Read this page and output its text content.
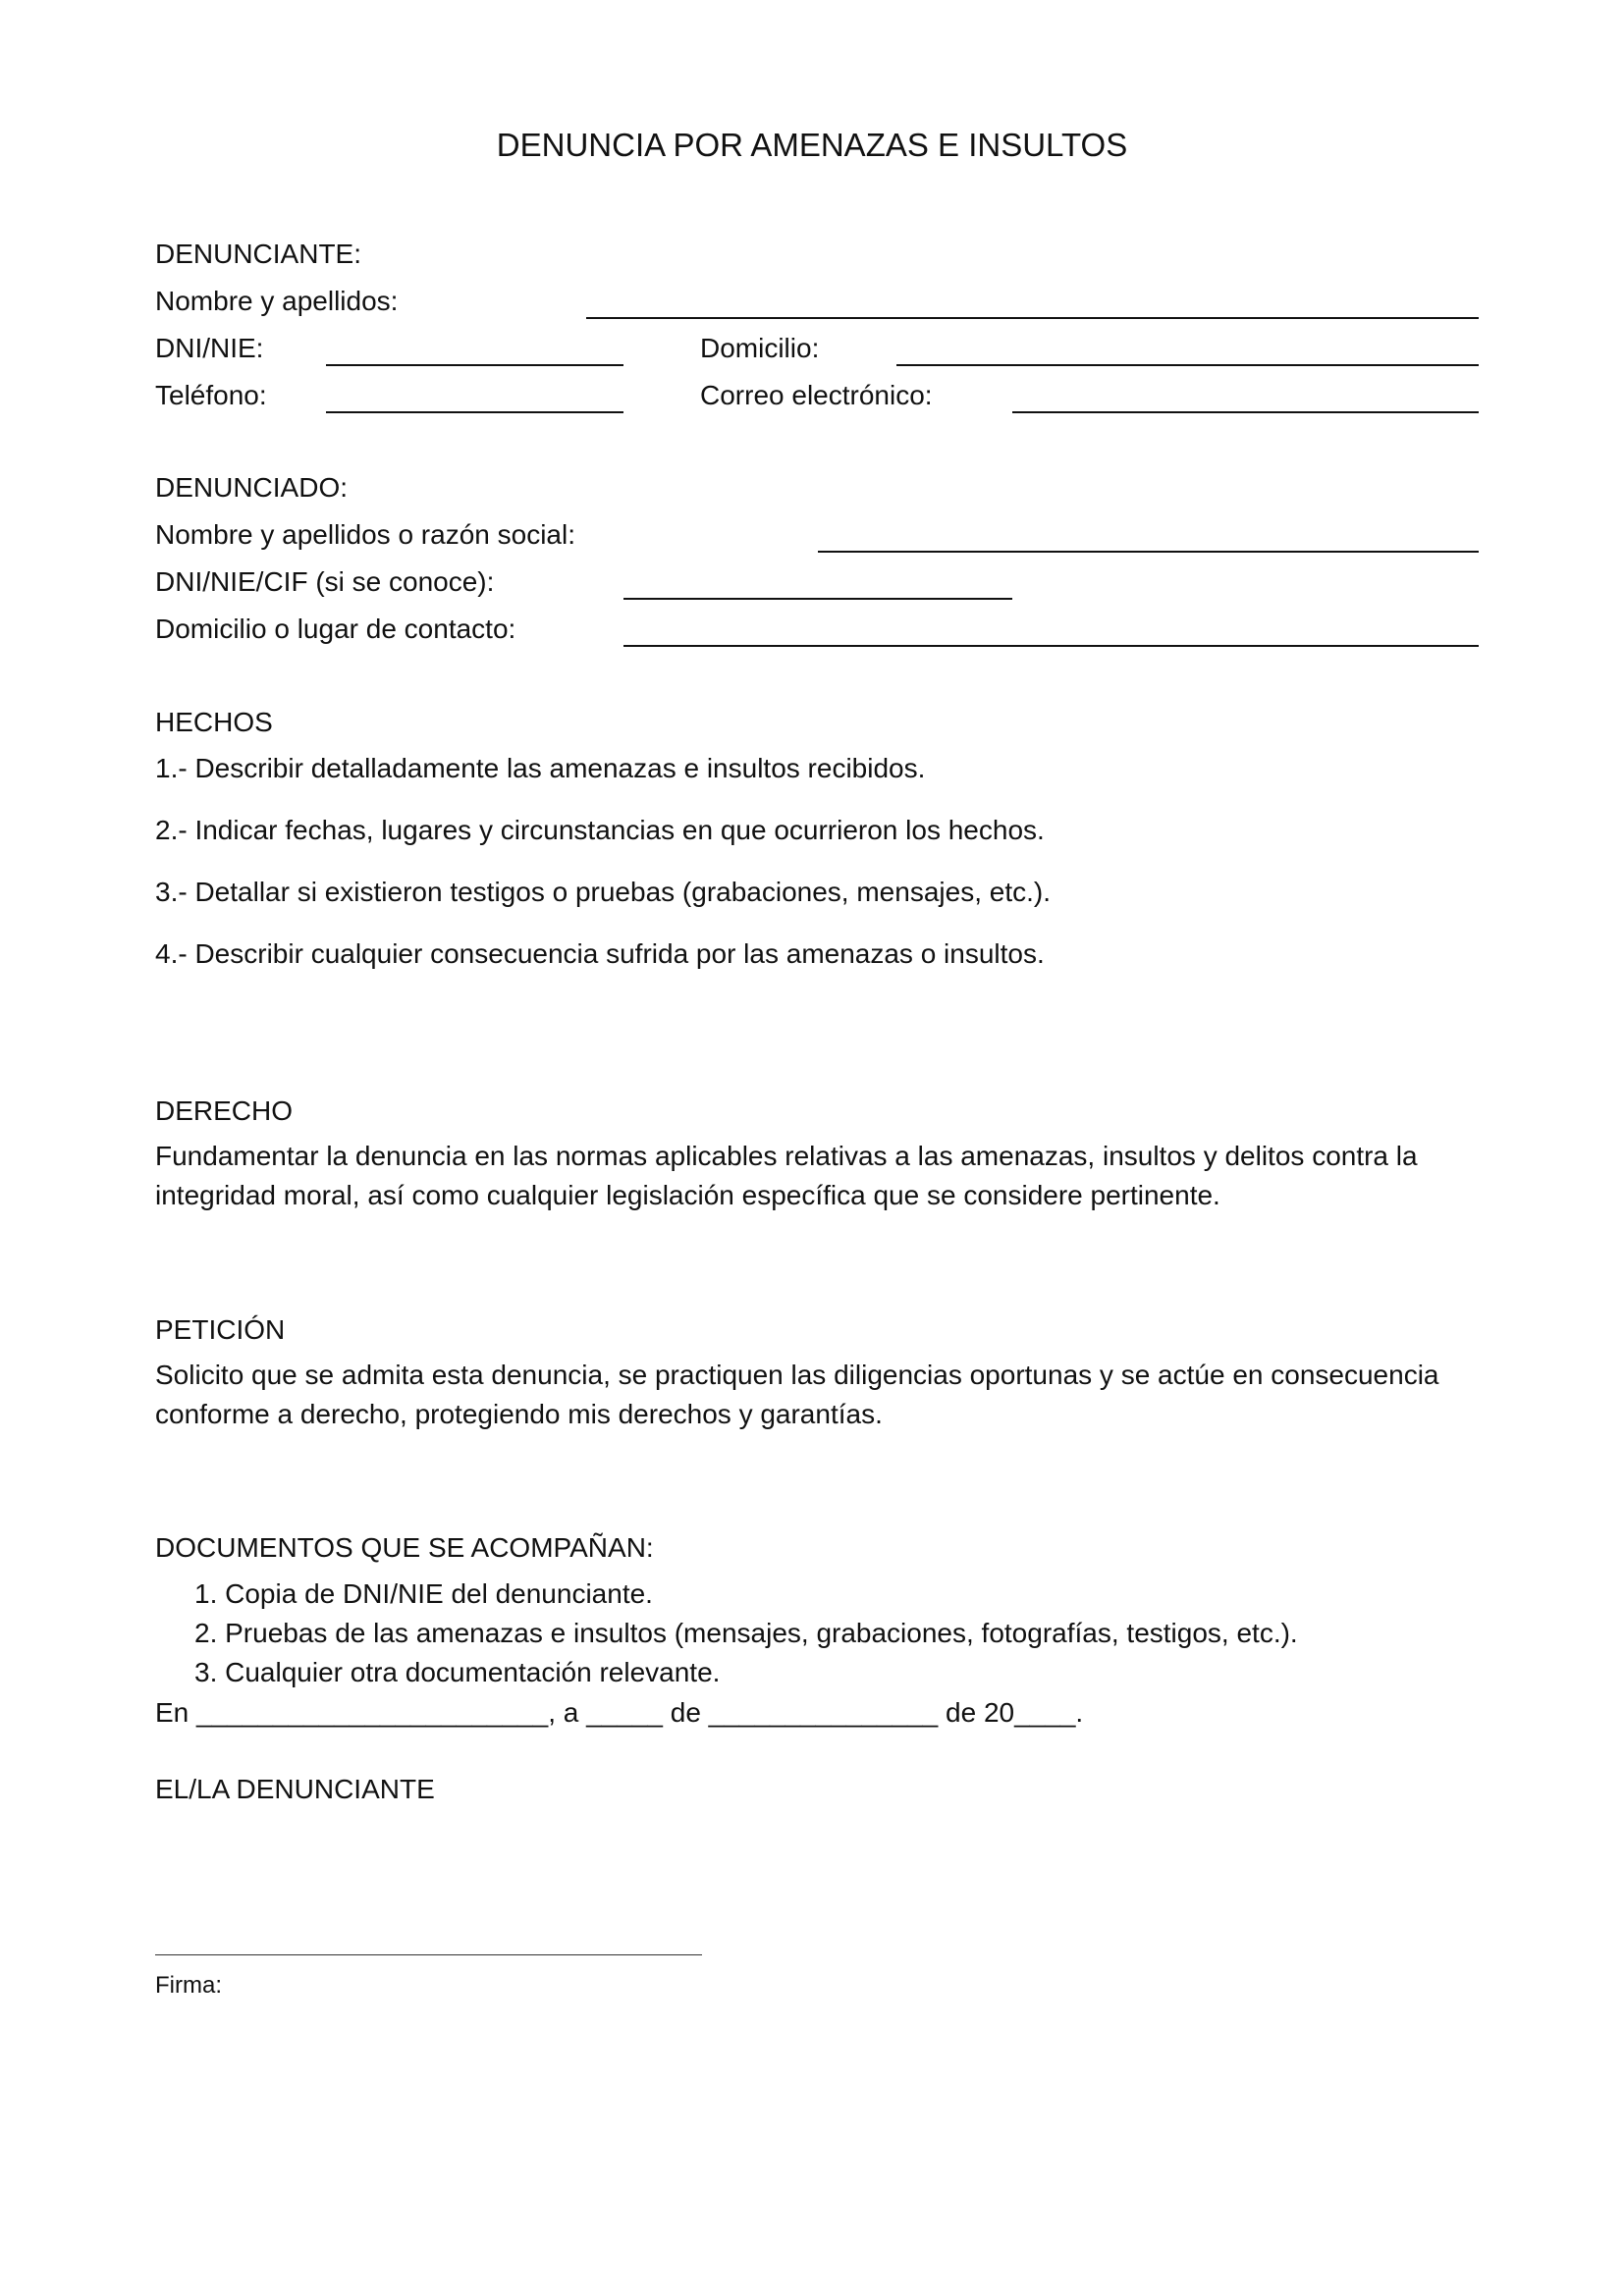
DENUNCIA POR AMENAZAS E INSULTOS
DENUNCIANTE:
Nombre y apellidos:
DNI/NIE:	Domicilio:
Teléfono:	Correo electrónico:
DENUNCIADO:
Nombre y apellidos o razón social:
DNI/NIE/CIF (si se conoce):
Domicilio o lugar de contacto:
HECHOS
1.- Describir detalladamente las amenazas e insultos recibidos.
2.- Indicar fechas, lugares y circunstancias en que ocurrieron los hechos.
3.- Detallar si existieron testigos o pruebas (grabaciones, mensajes, etc.).
4.- Describir cualquier consecuencia sufrida por las amenazas o insultos.
DERECHO
Fundamentar la denuncia en las normas aplicables relativas a las amenazas, insultos y delitos contra la integridad moral, así como cualquier legislación específica que se considere pertinente.
PETICIÓN
Solicito que se admita esta denuncia, se practiquen las diligencias oportunas y se actúe en consecuencia conforme a derecho, protegiendo mis derechos y garantías.
DOCUMENTOS QUE SE ACOMPAÑAN:
1. Copia de DNI/NIE del denunciante.
2. Pruebas de las amenazas e insultos (mensajes, grabaciones, fotografías, testigos, etc.).
3. Cualquier otra documentación relevante.
En _______________________, a _____ de _______________ de 20____.
EL/LA DENUNCIANTE
Firma:
